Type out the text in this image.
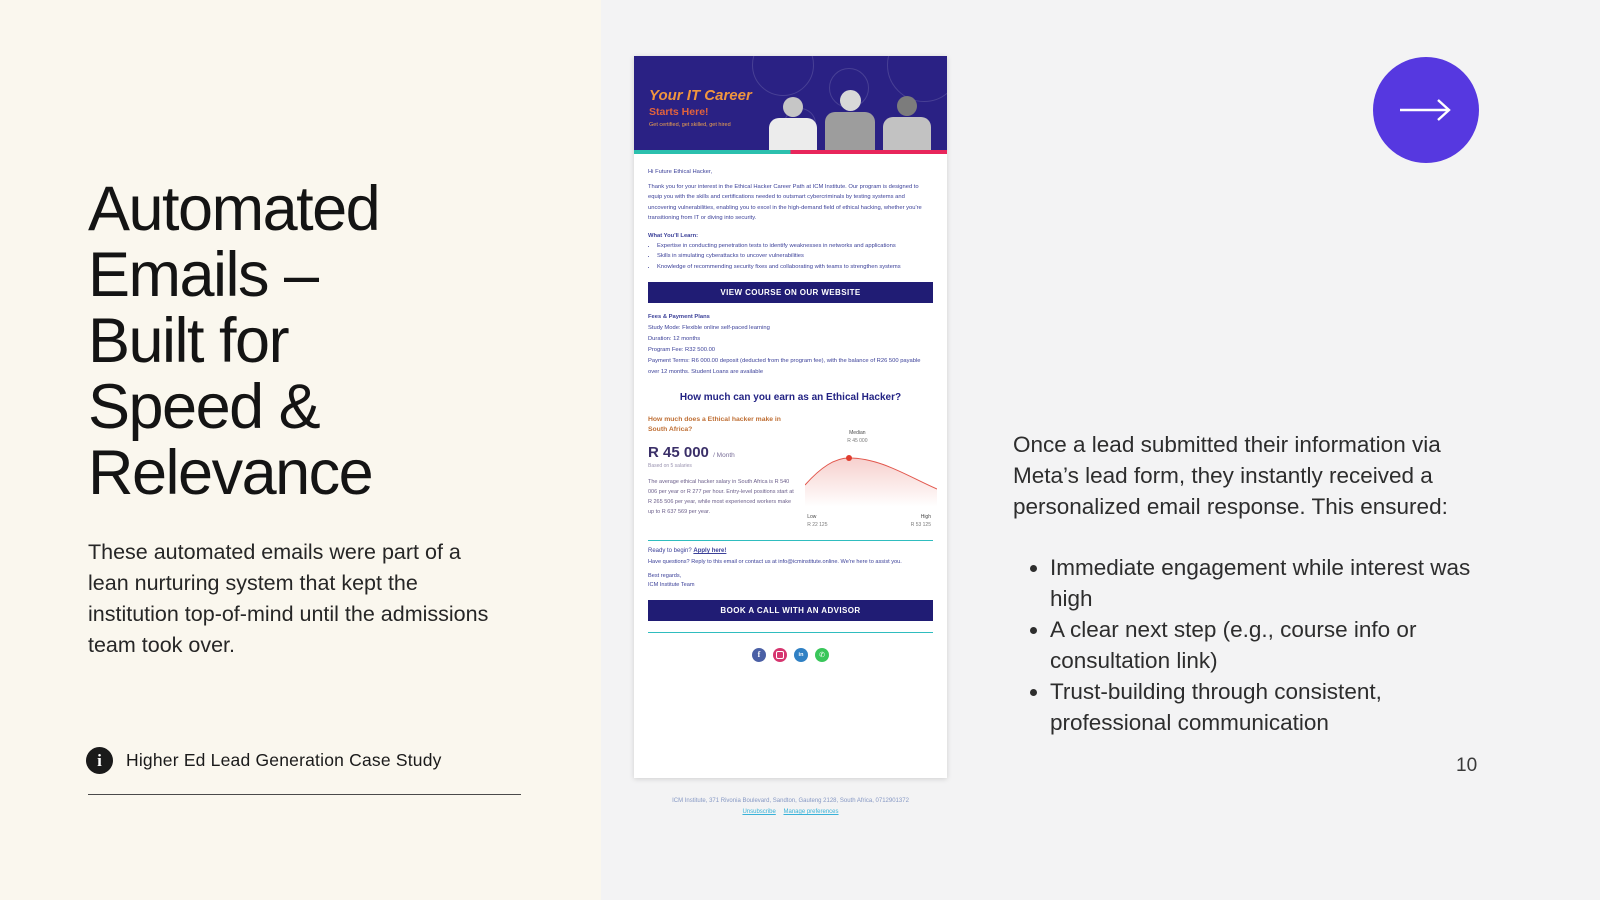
Automated
Emails –
Built for
Speed &
Relevance
These automated emails were part of a lean nurturing system that kept the institution top-of-mind until the admissions team took over.
i	Higher Ed Lead Generation Case Study
Your IT Career
Starts Here!
Get certified, get skilled, get hired
Hi Future Ethical Hacker,

Thank you for your interest in the Ethical Hacker Career Path at ICM Institute. Our program is designed to equip you with the skills and certifications needed to outsmart cybercriminals by testing systems and uncovering vulnerabilities, enabling you to excel in the high-demand field of ethical hacking, whether you're transitioning from IT or diving into security.

What You'll Learn:
• Expertise in conducting penetration tests to identify weaknesses in networks and applications
• Skills in simulating cyberattacks to uncover vulnerabilities
• Knowledge of recommending security fixes and collaborating with teams to strengthen systems
VIEW COURSE ON OUR WEBSITE
Fees & Payment Plans
Study Mode: Flexible online self-paced learning
Duration: 12 months
Program Fee: R32 500.00
Payment Terms: R6 000.00 deposit (deducted from the program fee), with the balance of R26 500 payable over 12 months. Student Loans are available
How much can you earn as an Ethical Hacker?
How much does a Ethical hacker make in South Africa?
R 45 000 / Month
Based on 5 salaries

The average ethical hacker salary in South Africa is R 540 006 per year or R 277 per hour. Entry-level positions start at R 265 506 per year, while most experienced workers make up to R 637 569 per year.

Median
R 45 000
Low
R 22 125
High
R 53 125
Ready to begin? Apply here!
Have questions? Reply to this email or contact us at info@icminstitute.online. We're here to assist you.
Best regards,
ICM Institute Team
BOOK A CALL WITH AN ADVISOR
f	in	✆
ICM Institute, 371 Rivonia Boulevard, Sandton, Gauteng 2128, South Africa, 0712901372
Unsubscribe Manage preferences

Once a lead submitted their information via Meta’s lead form, they instantly received a personalized email response. This ensured:

• Immediate engagement while interest was high
• A clear next step (e.g., course info or consultation link)
• Trust-building through consistent, professional communication
10
